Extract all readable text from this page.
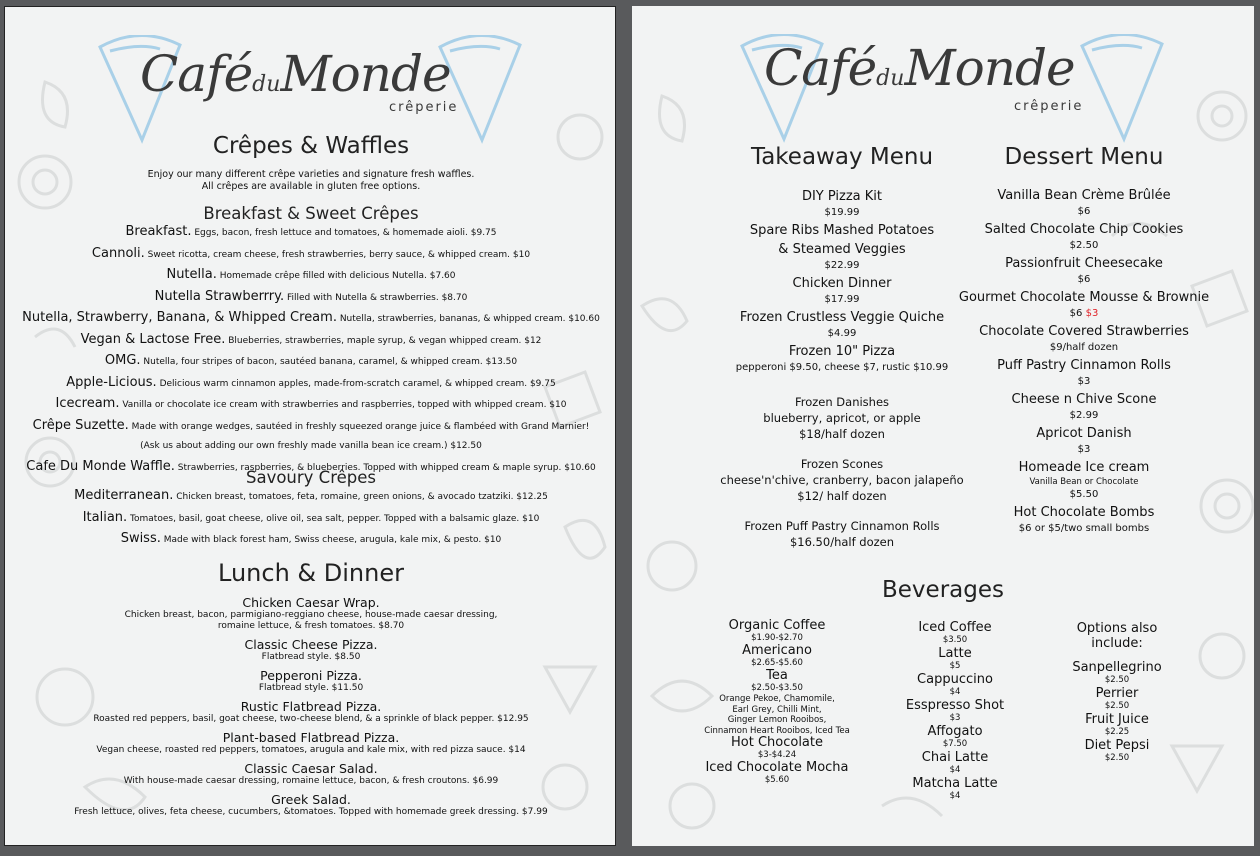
CaféduMonde
crêperie
Crêpes & Waffles
Enjoy our many different crêpe varieties and signature fresh waffles.
All crêpes are available in gluten free options.
Breakfast & Sweet Crêpes
Breakfast. Eggs, bacon, fresh lettuce and tomatoes, & homemade aioli. $9.75
Cannoli. Sweet ricotta, cream cheese, fresh strawberries, berry sauce, & whipped cream. $10
Nutella. Homemade crêpe filled with delicious Nutella. $7.60
Nutella Strawberrry. Filled with Nutella & strawberries. $8.70
Nutella, Strawberry, Banana, & Whipped Cream. Nutella, strawberries, bananas, & whipped cream. $10.60
Vegan & Lactose Free. Blueberries, strawberries, maple syrup, & vegan whipped cream. $12
OMG. Nutella, four stripes of bacon, sautéed banana, caramel, & whipped cream. $13.50
Apple-Licious. Delicious warm cinnamon apples, made-from-scratch caramel, & whipped cream. $9.75
Icecream. Vanilla or chocolate ice cream with strawberries and raspberries, topped with whipped cream. $10
Crêpe Suzette. Made with orange wedges, sautéed in freshly squeezed orange juice & flambéed with Grand Marnier!
(Ask us about adding our own freshly made vanilla bean ice cream.) $12.50
Cafe Du Monde Waffle. Strawberries, raspberries, & blueberries. Topped with whipped cream & maple syrup. $10.60
Savoury Crêpes
Mediterranean. Chicken breast, tomatoes, feta, romaine, green onions, & avocado tzatziki. $12.25
Italian. Tomatoes, basil, goat cheese, olive oil, sea salt, pepper. Topped with a balsamic glaze. $10
Swiss. Made with black forest ham, Swiss cheese, arugula, kale mix, & pesto. $10
Lunch & Dinner
Chicken Caesar Wrap.
Chicken breast, bacon, parmigiano-reggiano cheese, house-made caesar dressing,
romaine lettuce, & fresh tomatoes. $8.70
Classic Cheese Pizza.
Flatbread style. $8.50
Pepperoni Pizza.
Flatbread style. $11.50
Rustic Flatbread Pizza.
Roasted red peppers, basil, goat cheese, two-cheese blend, & a sprinkle of black pepper. $12.95
Plant-based Flatbread Pizza.
Vegan cheese, roasted red peppers, tomatoes, arugula and kale mix, with red pizza sauce. $14
Classic Caesar Salad.
With house-made caesar dressing, romaine lettuce, bacon, & fresh croutons. $6.99
Greek Salad.
Fresh lettuce, olives, feta cheese, cucumbers, &tomatoes. Topped with homemade greek dressing. $7.99
CaféduMonde
crêperie
Takeaway Menu
DIY Pizza Kit
$19.99
Spare Ribs Mashed Potatoes
& Steamed Veggies
$22.99
Chicken Dinner
$17.99
Frozen Crustless Veggie Quiche
$4.99
Frozen 10" Pizza
pepperoni $9.50, cheese $7, rustic $10.99
Frozen Danishes
blueberry, apricot, or apple
$18/half dozen
Frozen Scones
cheese'n'chive, cranberry, bacon jalapeño
$12/ half dozen
Frozen Puff Pastry Cinnamon Rolls
$16.50/half dozen
Dessert Menu
Vanilla Bean Crème Brûlée
$6
Salted Chocolate Chip Cookies
$2.50
Passionfruit Cheesecake
$6
Gourmet Chocolate Mousse & Brownie
$6 $3
Chocolate Covered Strawberries
$9/half dozen
Puff Pastry Cinnamon Rolls
$3
Cheese n Chive Scone
$2.99
Apricot Danish
$3
Homeade Ice cream
Vanilla Bean or Chocolate
$5.50
Hot Chocolate Bombs
$6 or $5/two small bombs
Beverages
Organic Coffee
$1.90-$2.70
Americano
$2.65-$5.60
Tea
$2.50-$3.50
Orange Pekoe, Chamomile,
Earl Grey, Chilli Mint,
Ginger Lemon Rooibos,
Cinnamon Heart Rooibos, Iced Tea
Hot Chocolate
$3-$4.24
Iced Chocolate Mocha
$5.60
Iced Coffee
$3.50
Latte
$5
Cappuccino
$4
Esspresso Shot
$3
Affogato
$7.50
Chai Latte
$4
Matcha Latte
$4
Options also
include:
Sanpellegrino
$2.50
Perrier
$2.50
Fruit Juice
$2.25
Diet Pepsi
$2.50
